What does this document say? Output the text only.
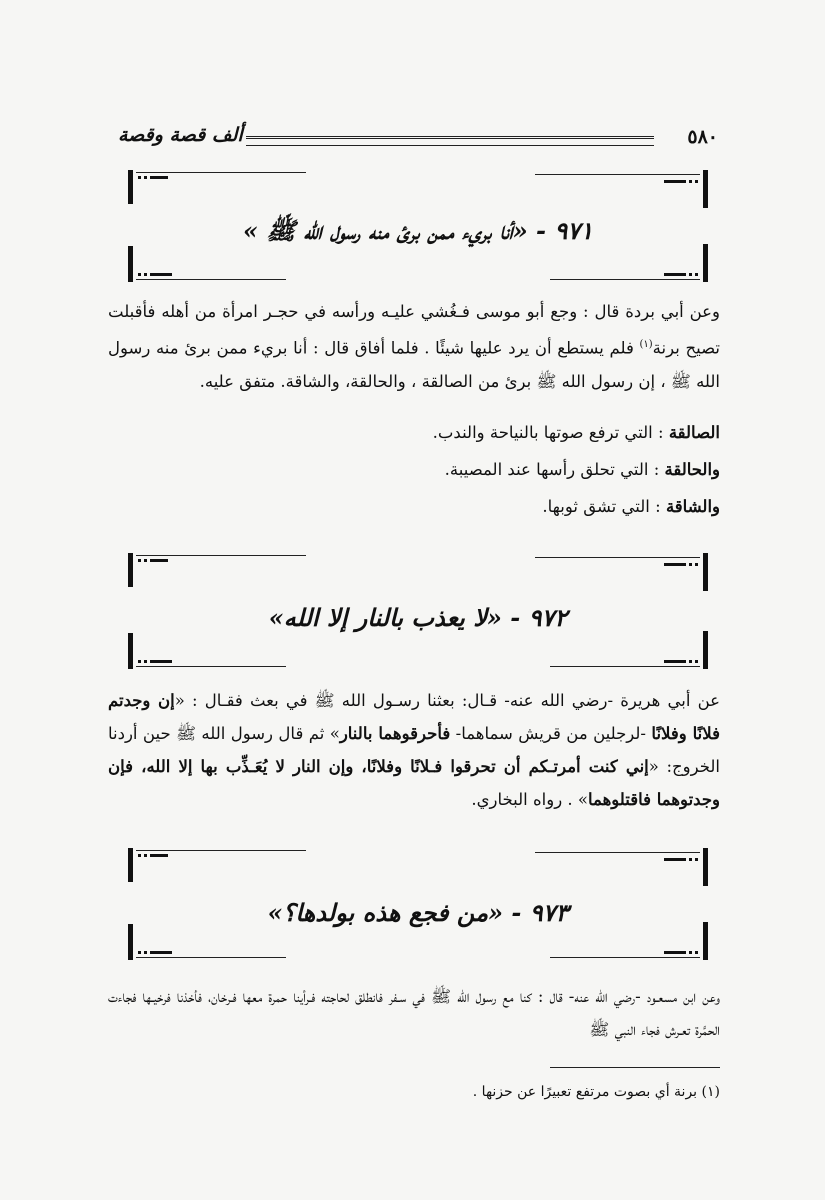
ألف قصة وقصة	٥٨٠
٩٧١ - «أنا بريء ممن برئ منه رسول الله ﷺ »
وعن أبي بردة قال : وجع أبو موسى فـغُشي عليـه ورأسه في حجـر امرأة من أهله فأقبلت تصيح برنة$^{(١)}$ فلم يستطع أن يرد عليها شيئًا . فلما أفاق قال : أنا بريء ممن برئ منه رسول الله ﷺ ، إن رسول الله ﷺ برئ من الصالقة ، والحالقة، والشاقة. متفق عليه.
الصالقة : التي ترفع صوتها بالنياحة والندب.
والحالقة : التي تحلق رأسها عند المصيبة.
والشاقة : التي تشق ثوبها.
٩٧٢ - «لا يعذب بالنار إلا الله»
عن أبي هريرة -رضي الله عنه- قـال: بعثنا رسـول الله ﷺ في بعث فقـال : «إن وجدتم فلانًا وفلانًا -لرجلين من قريش سماهما- فأحرقوهما بالنار» ثم قال رسول الله ﷺ حين أردنا الخروج: «إني كنت أمرتـكم أن تحرقوا فـلانًا وفلانًا، وإن النار لا يُعَـذِّب بها إلا الله، فإن وجدتوهما فاقتلوهما» . رواه البخاري.
٩٧٣ - «من فجع هذه بولدها؟»
وعن ابن مسعـود -رضي الله عنه- قال : كنا مع رسول الله ﷺ في سـفر فانطلق لحاجته فـرأينا حمرة معها فـرخان، فأخذنا فرخيـها فجاءت الحمَّرة تعـرش فجاء النبي ﷺ
(١) برنة أي بصوت مرتفع تعبيرًا عن حزنها .
